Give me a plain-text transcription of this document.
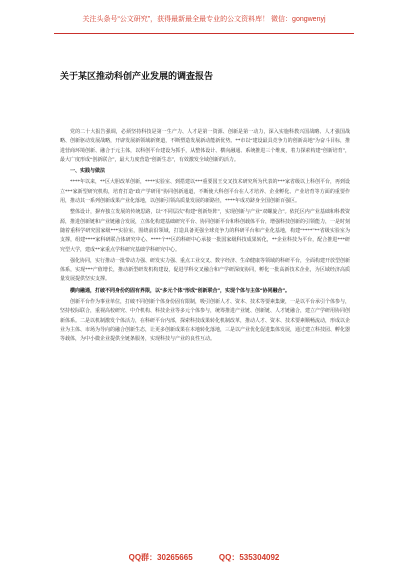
关注头条号“公文研究”，获得最新最全最专业的公文资料库！ 微信：gongwenyj
关于某区推动科创产业发展的调查报告

党的二十大报告强调，必须坚持科技是第一生产力、人才是第一资源、创新是第一动力，深入实施科教兴国战略、人才强国战略、创新驱动发展战略，开辟发展新领域新赛道，不断塑造发展新动能新优势。**市以“建设最具竞争力的创新高地”为奋斗目标，推进营商环境创新、融合于元主体，以科创平台建设为抓手，从整体设计、横向融通、系统推进三个维度，着力探索构建“创新培育”，最大广度形成“创新联合”，最大力度营造“创新生态”，有效激发全域创新的活力。

一、实践与做法

****年以来，**区大胆改革创新，****实验室、到搭建以***重要国王交叉技术研究所为代表的***家省级以上科创平台，再到设立***家新型研究机构，培育打造“政产学研用”协同创新通道，不断使大科创平台在人才培养、企业孵化、产业培育等方面的重要作用，推动其一系列创新成果产业化落地，以创新引领高质量发展的新路径，****年成功跻身全国创新百强区。

整体设计，摒弃独立发展的传统思路，以“不同层次”构建“创新矩阵”，实现创新与产业“双螺旋合”。依托区内产业基础和科教资源，推进创新链和产业链融合发展，立体化构建基础研究平台、协同创新平台和科创载体平台，增强科技创新的引领能力，一是时刻随着重科学研究国家级***实验室，围绕前沿领域，打造具备更强全球竞争力的科研平台和产业化基地，构建“****”**省级实验室为支撑，组建****家科研联合体研究中心、****个**区的科研中心承接一批国家级科技成果转化，**企业科技为平台，配合推进***研究型大学，建成**家重点学科研究基础学科研究中心。

强化协同，实行推动一批带动力强、研发实力强、重点工业交叉、数字经济、生命健康等领域的科研平台，全面构建开放型创新体系，实现***产值增长，推动新型研发机构建设，促进学科交叉融合和产学研深度协同，孵化一批高新技术企业，为区域经济高质量发展提供坚实支撑。

横向融通，打破不同身份的固有界限，以“多元个体”形成“创新联合”，实现个体与主体“协同融合”。

创新平台作为事业单位，打破不同创新个体身份固有限制，吸引创新人才、资本、技术等要素集聚，一是以平台承引个体参与，坚持校际联合，重视高校研究、中介机构、科技企业等多元个体参与，统筹推进产业链、创新链、人才链融合，建立产学研用协同创新体系。二是以机制激发个体活力，在科研平台内部，探索科技成果转化机制改革，推动人才、资本、技术要素顺畅流动，形成以企业为主体、市场为导向的融合创新生态，让更多创新成果在本地转化落地，三是以产业优化促进集体发展，通过建立科技园、孵化器等载体，为中小微企业提供全链条服务，实现科技与产业的良性互动。

QQ群：30265665	QQ：535304092
